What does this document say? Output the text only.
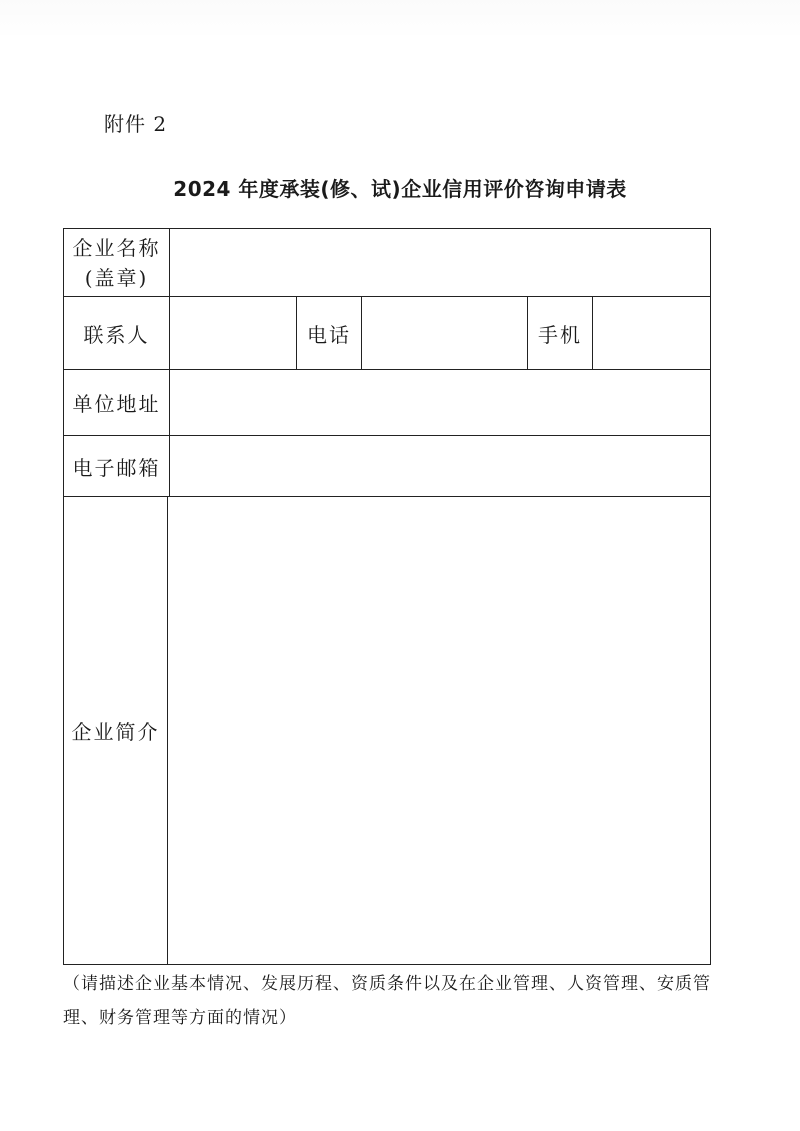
附件 2
2024 年度承装(修、试)企业信用评价咨询申请表
企业名称
(盖章)
联系人	电话	手机
单位地址
电子邮箱
企业简介
（请描述企业基本情况、发展历程、资质条件以及在企业管理、人资管理、安质管理、财务管理等方面的情况）
